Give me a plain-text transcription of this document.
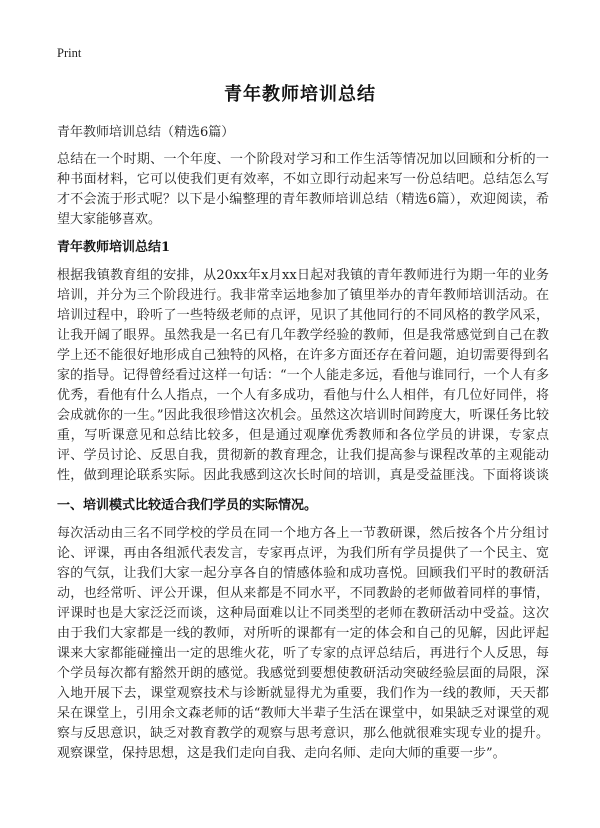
Print
青年教师培训总结
青年教师培训总结（精选6篇）

总结在一个时期、一个年度、一个阶段对学习和工作生活等情况加以回顾和分析的一种书面材料，它可以使我们更有效率，不如立即行动起来写一份总结吧。总结怎么写才不会流于形式呢？以下是小编整理的青年教师培训总结（精选6篇），欢迎阅读，希望大家能够喜欢。

青年教师培训总结1

根据我镇教育组的安排，从20xx年x月xx日起对我镇的青年教师进行为期一年的业务培训，并分为三个阶段进行。我非常幸运地参加了镇里举办的青年教师培训活动。在培训过程中，聆听了一些特级老师的点评，见识了其他同行的不同风格的教学风采，让我开阔了眼界。虽然我是一名已有几年教学经验的教师，但是我常感觉到自己在教学上还不能很好地形成自己独特的风格，在许多方面还存在着问题，迫切需要得到名家的指导。记得曾经看过这样一句话：“一个人能走多远，看他与谁同行，一个人有多优秀，看他有什么人指点，一个人有多成功，看他与什么人相伴，有几位好同伴，将会成就你的一生。”因此我很珍惜这次机会。虽然这次培训时间跨度大，听课任务比较重，写听课意见和总结比较多，但是通过观摩优秀教师和各位学员的讲课，专家点评、学员讨论、反思自我，贯彻新的教育理念，让我们提高参与课程改革的主观能动性，做到理论联系实际。因此我感到这次长时间的培训，真是受益匪浅。下面将谈谈

一、培训模式比较适合我们学员的实际情况。

每次活动由三名不同学校的学员在同一个地方各上一节教研课，然后按各个片分组讨论、评课，再由各组派代表发言，专家再点评，为我们所有学员提供了一个民主、宽容的气氛，让我们大家一起分享各自的情感体验和成功喜悦。回顾我们平时的教研活动，也经常听、评公开课，但从来都是不同水平，不同教龄的老师做着同样的事情，评课时也是大家泛泛而谈，这种局面难以让不同类型的老师在教研活动中受益。这次由于我们大家都是一线的教师，对所听的课都有一定的体会和自己的见解，因此评起课来大家都能碰撞出一定的思维火花，听了专家的点评总结后，再进行个人反思，每个学员每次都有豁然开朗的感觉。我感觉到要想使教研活动突破经验层面的局限，深入地开展下去，课堂观察技术与诊断就显得尤为重要，我们作为一线的教师，天天都呆在课堂上，引用余文森老师的话“教师大半辈子生活在课堂中，如果缺乏对课堂的观察与反思意识，缺乏对教育教学的观察与思考意识，那么他就很难实现专业的提升。观察课堂，保持思想，这是我们走向自我、走向名师、走向大师的重要一步”。
